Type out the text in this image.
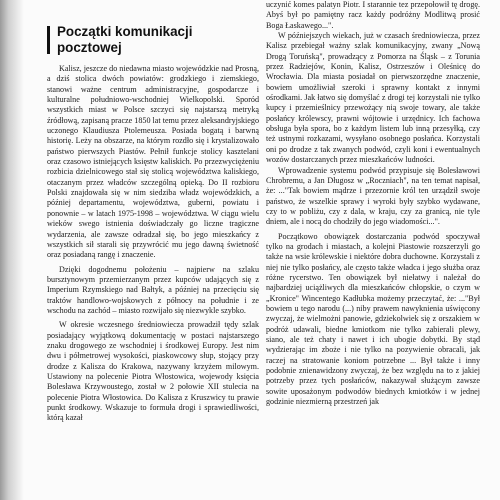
Początki komunikacji
pocztowej

Kalisz, jeszcze do niedawna miasto wojewódzkie nad Prosną, a dziś stolica dwóch powiatów: grodzkiego i ziemskiego, stanowi ważne centrum administracyjne, gospodarcze i kulturalne południowo-wschodniej Wielkopolski. Sporód wszystkich miast w Polsce szczyci się najstarszą metryką źródłową, zapisaną pracze 1850 lat temu przez aleksandryjskiego uczonego Klaudiusza Ptolemeusza. Posiada bogatą i barwną historię. Leży na obszarze, na którym rozdło się i krystalizowało państwo pierwszych Piastów. Pełnił funkcje stolicy kasztelani oraz czasowo istniejących księstw kaliskich. Po przezwyciężeniu rozbicia dzielnicowego stał się stolicą województwa kaliskiego, otaczanym przez władców szczególną opieką. Do II rozbioru Polski znajdowała się w nim siedziba władz wojewódzkich, a później departamentu, województwa, guberni, powiatu i ponownie – w latach 1975-1998 – województwa. W ciągu wielu wieków swego istnienia doświadczały go liczne tragiczne wydarzenia, ale zawsze odradzał się, bo jego mieszkańcy z wszystkich sił starali się przywrócić mu jego dawną świetność oraz posiadaną rangę i znaczenie.

Dzięki dogodnemu położeniu – najpierw na szlaku bursztynowym przemierzanym przez kupców udających się z Imperium Rzymskiego nad Bałtyk, a później na przecięciu się traktów handlowo-wojskowych z północy na południe i ze wschodu na zachód – miasto rozwijało się niezwykle szybko.

W okresie wczesnego średniowiecza prowadził tędy szlak posiadający wyjątkową dokumentację w postaci najstarszego znaku drogowego ze wschodniej i środkowej Europy. Jest nim dwu i półmetrowej wysokości, piaskowcowy słup, stojący przy drodze z Kalisza do Krakowa, nazywany krzyżem milowym. Ustawiony na polecenie Piotra Włostowica, wojewody księcia Bolesława Krzywoustego, został w 2 połowie XII stulecia na polecenie Piotra Włostowica. Do Kalisza z Kruszwicy tu prawie punkt środkowy. Wskazuje to formuła drogi i sprawiedliwości, którą kazał

uczynić komes palatyn Piotr. I starannie tez przepołowił tę drogę. Abyś był po pamiętny racz każdy podróżny Modlitwą prosić Boga Łaskawego...".

W późniejszych wiekach, już w czasach średniowiecza, przez Kalisz przebiegał ważny szlak komunikacyjny, zwany „Nową Drogą Toruńską", prowadzący z Pomorza na Śląsk – z Torunia przez Radziejów, Konin, Kalisz, Ostrzeszów i Oleśnicę do Wrocławia. Dla miasta posiadał on pierwszorzędne znaczenie, bowiem umożliwiał szeroki i sprawny kontakt z innymi ośrodkami. Jak łatwo się domyślać z drogi tej korzystali nie tylko kupcy i przemieślnicy przewożący nią swoje towary, ale także posłańcy królewscy, prawni wójtowie i urzędnicy. Ich fachowa obsługa była spora, bo z każdym listem lub inną przesyłką, czy też ustnymi rozkazami, wysyłano osobnego posłańca. Korzystali oni po drodze z tak zwanych podwód, czyli koni i ewentualnych wozów dostarczanych przez mieszkańców ludności.

Wprowadzenie systemu podwód przypisuje się Bolesławowi Chrobremu, a Jan Długosz w „Roczniach", na ten temat napisał, że: ..."Tak bowiem mądrze i przezornie król ten urządził swoje państwo, że wszelkie sprawy i wyroki były szybko wydawane, czy to w pobliżu, czy z dala, w kraju, czy za granicą, nie tyle dniem, ale i nocą do chodziły do jego wiadomości...".

Początkowo obowiązek dostarczania podwód spoczywał tylko na grodach i miastach, a kolejni Piastowie rozszerzyli go także na wsie królewskie i niektóre dobra duchowne. Korzystali z niej nie tylko posłańcy, ale często także władca i jego służba oraz różne rycerstwo. Ten obowiązek był niełatwy i należał do najbardziej uciążliwych dla mieszkańców chłopskie, o czym w „Kronice" Wincentego Kadłubka możemy przeczytać, że: ..."Był bowiem u tego narodu (...) niby prawem nawyknienia uświęcony zwyczaj, że wielmożni panowie, gdziekolwiek się z orszakiem w podróż udawali, biedne kmiotkom nie tylko zabierali plewy, siano, ale też chaty i nawet i ich ubogie dobytki. By stąd wydzierając im zboże i nie tylko na pozywienie obracali, jak raczej na stratowanie koniom potrzebne ... Był także i inny podobnie znienawidzony zwyczaj, że bez względu na to z jakiej potrzeby przez tych posłańców, nakazywał służącym zawsze sowite uposażonym podwodów biednych kmiotków i w jednej godzinie niezmierną przestrzeń jak
